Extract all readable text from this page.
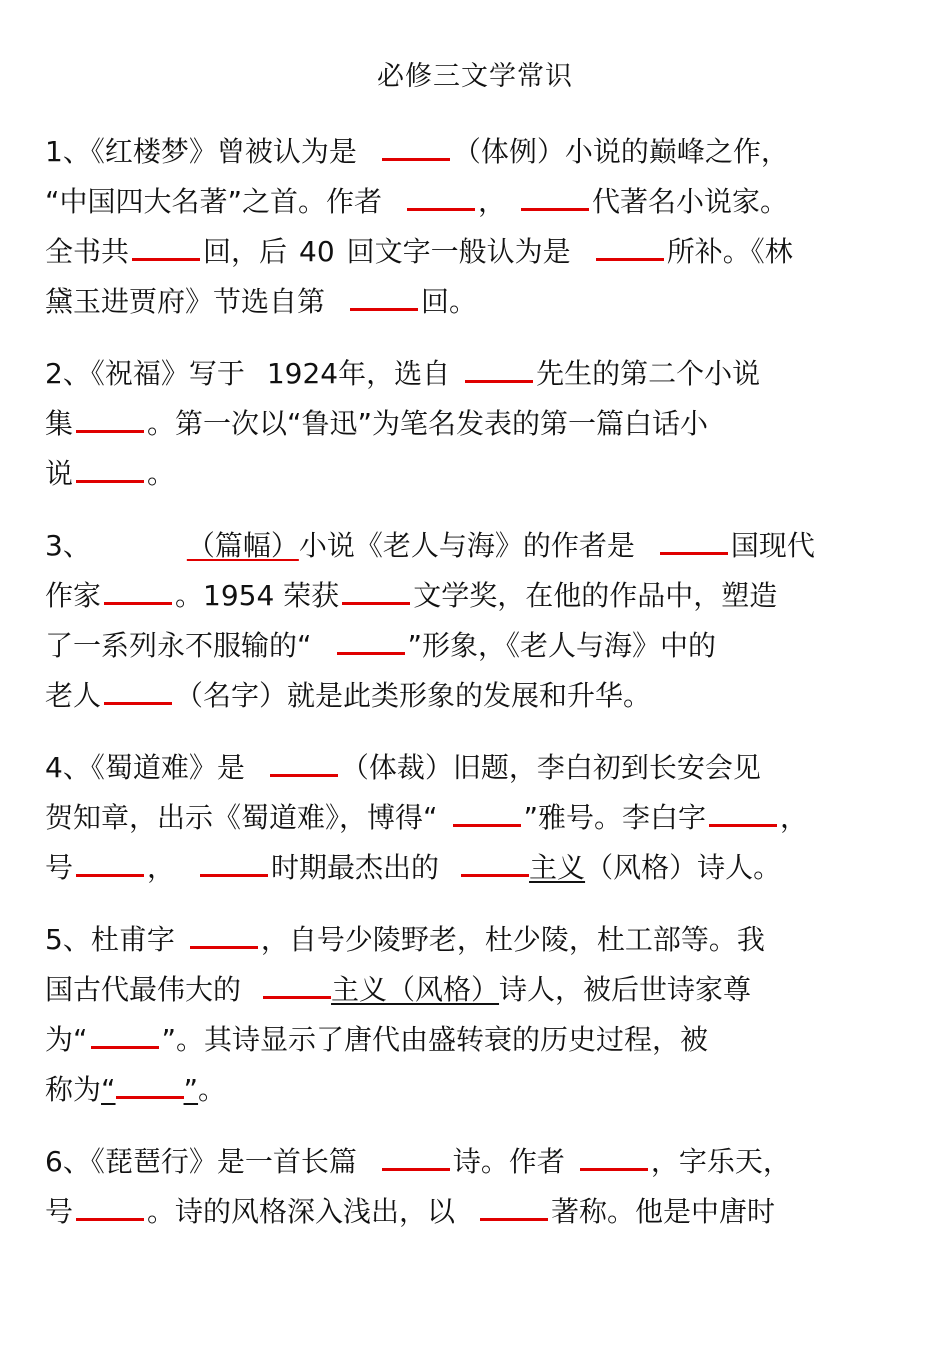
必修三文学常识
1、《红楼梦》曾被认为是	（体例）小说的巅峰之作，
“中国四大名著”之首。作者	，	代著名小说家。
全书共	回，后 40 回文字一般认为是	所补。《林
黛玉进贾府》节选自第	回。
2、《祝福》写于 1924年，选自	先生的第二个小说
集	。第一次以“鲁迅”为笔名发表的第一篇白话小
说	。
3、	（篇幅）小说《老人与海》的作者是	国现代
作家	。1954 荣获	文学奖，在他的作品中，塑造
了一系列永不服输的“	”形象，《老人与海》中的
老人	（名字）就是此类形象的发展和升华。
4、《蜀道难》是	（体裁）旧题，李白初到长安会见
贺知章，出示《蜀道难》，博得“	”雅号。李白字	，
号	，	时期最杰出的	主义（风格）诗人。
5、杜甫字	，自号少陵野老，杜少陵，杜工部等。我
国古代最伟大的	主义（风格）诗人，被后世诗家尊
为“	”。其诗显示了唐代由盛转衰的历史过程，被
称为“ ”。
6、《琵琶行》是一首长篇	诗。作者	，字乐天，
号	。诗的风格深入浅出，以	著称。他是中唐时
